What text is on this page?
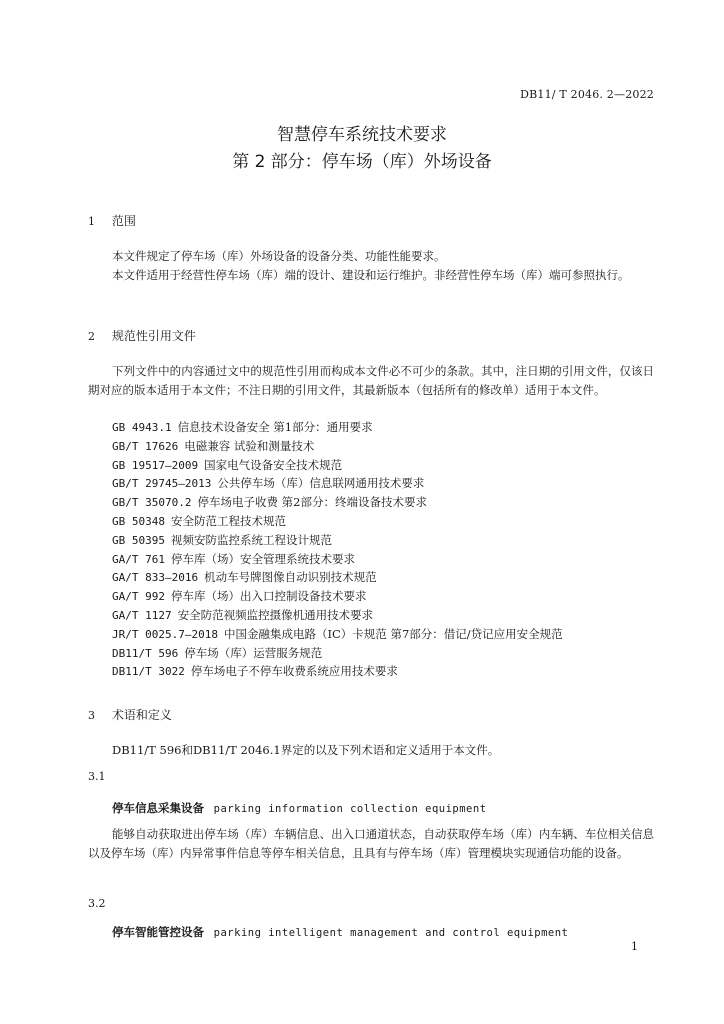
DB11/ T 2046. 2—2022
智慧停车系统技术要求
第 2 部分：停车场（库）外场设备
1 范围

本文件规定了停车场（库）外场设备的设备分类、功能性能要求。

本文件适用于经营性停车场（库）端的设计、建设和运行维护。非经营性停车场（库）端可参照执行。

2 规范性引用文件

下列文件中的内容通过文中的规范性引用而构成本文件必不可少的条款。其中，注日期的引用文件，仅该日期对应的版本适用于本文件；不注日期的引用文件，其最新版本（包括所有的修改单）适用于本文件。

GB 4943.1 信息技术设备安全 第1部分：通用要求
GB/T 17626 电磁兼容 试验和测量技术
GB 19517—2009 国家电气设备安全技术规范
GB/T 29745—2013 公共停车场（库）信息联网通用技术要求
GB/T 35070.2 停车场电子收费 第2部分：终端设备技术要求
GB 50348 安全防范工程技术规范
GB 50395 视频安防监控系统工程设计规范
GA/T 761 停车库（场）安全管理系统技术要求
GA/T 833—2016 机动车号牌图像自动识别技术规范
GA/T 992 停车库（场）出入口控制设备技术要求
GA/T 1127 安全防范视频监控摄像机通用技术要求
JR/T 0025.7—2018 中国金融集成电路（IC）卡规范 第7部分：借记/贷记应用安全规范
DB11/T 596 停车场（库）运营服务规范
DB11/T 3022 停车场电子不停车收费系统应用技术要求
3 术语和定义

DB11/T 596和DB11/T 2046.1界定的以及下列术语和定义适用于本文件。

3.1
停车信息采集设备 parking information collection equipment

能够自动获取进出停车场（库）车辆信息、出入口通道状态，自动获取停车场（库）内车辆、车位相关信息以及停车场（库）内异常事件信息等停车相关信息，且具有与停车场（库）管理模块实现通信功能的设备。

3.2
停车智能管控设备 parking intelligent management and control equipment
1
